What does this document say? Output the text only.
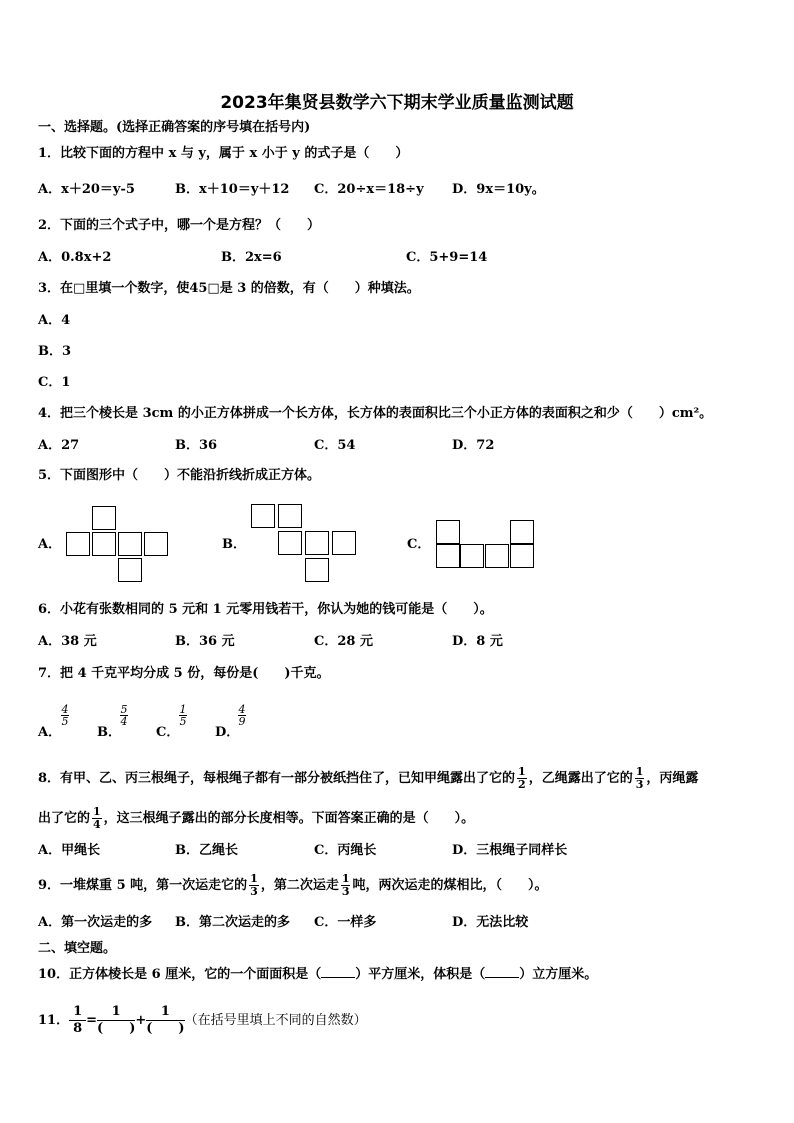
2023年集贤县数学六下期末学业质量监测试题
一、选择题。(选择正确答案的序号填在括号内)
1．比较下面的方程中 x 与 y，属于 x 小于 y 的式子是（　　）
A．x＋20＝y-5	B．x＋10＝y＋12 C．20÷x＝18÷y D．9x＝10y。
2．下面的三个式子中，哪一个是方程？（　　）
A．0.8x+2	B．2x=6	C．5+9=14
3．在□里填一个数字，使45□是 3 的倍数，有（　　）种填法。
A．4
B．3
C．1
4．把三个棱长是 3cm 的小正方体拼成一个长方体，长方体的表面积比三个小正方体的表面积之和少（　　）cm²。
A．27	B．36	C．54	D．72
5．下面图形中（　　）不能沿折线折成正方体。
A．	B．	C．
6．小花有张数相同的 5 元和 1 元零用钱若干，你认为她的钱可能是（　　）。
A．38 元	B．36 元	C．28 元	D．8 元
7．把 4 千克平均分成 5 份，每份是(　　)千克。
A．
4
5
B．
5
4
C．
1
5
D．
4
9
8．有甲、乙、丙三根绳子，每根绳子都有一部分被纸挡住了，已知甲绳露出了它的 $\frac{1}{2}$ ，乙绳露出了它的 $\frac{1}{3}$ ，丙绳露
出了它的 $\frac{1}{4}$ ，这三根绳子露出的部分长度相等。下面答案正确的是（　　）。
A．甲绳长	B．乙绳长	C．丙绳长	D．三根绳子同样长
9．一堆煤重 5 吨，第一次运走它的 $\frac{1}{3}$ ，第二次运走 $\frac{1}{3}$ 吨，两次运走的煤相比，（　　）。
A．第一次运走的多 B．第二次运走的多 C．一样多	D．无法比较
二、填空题。
10．正方体棱长是 6 厘米，它的一个面面积是（	）平方厘米，体积是（	）立方厘米。
11． $\frac{1}{8}$ =
1
(　　)
+
1
(　　)
（在括号里填上不同的自然数）
